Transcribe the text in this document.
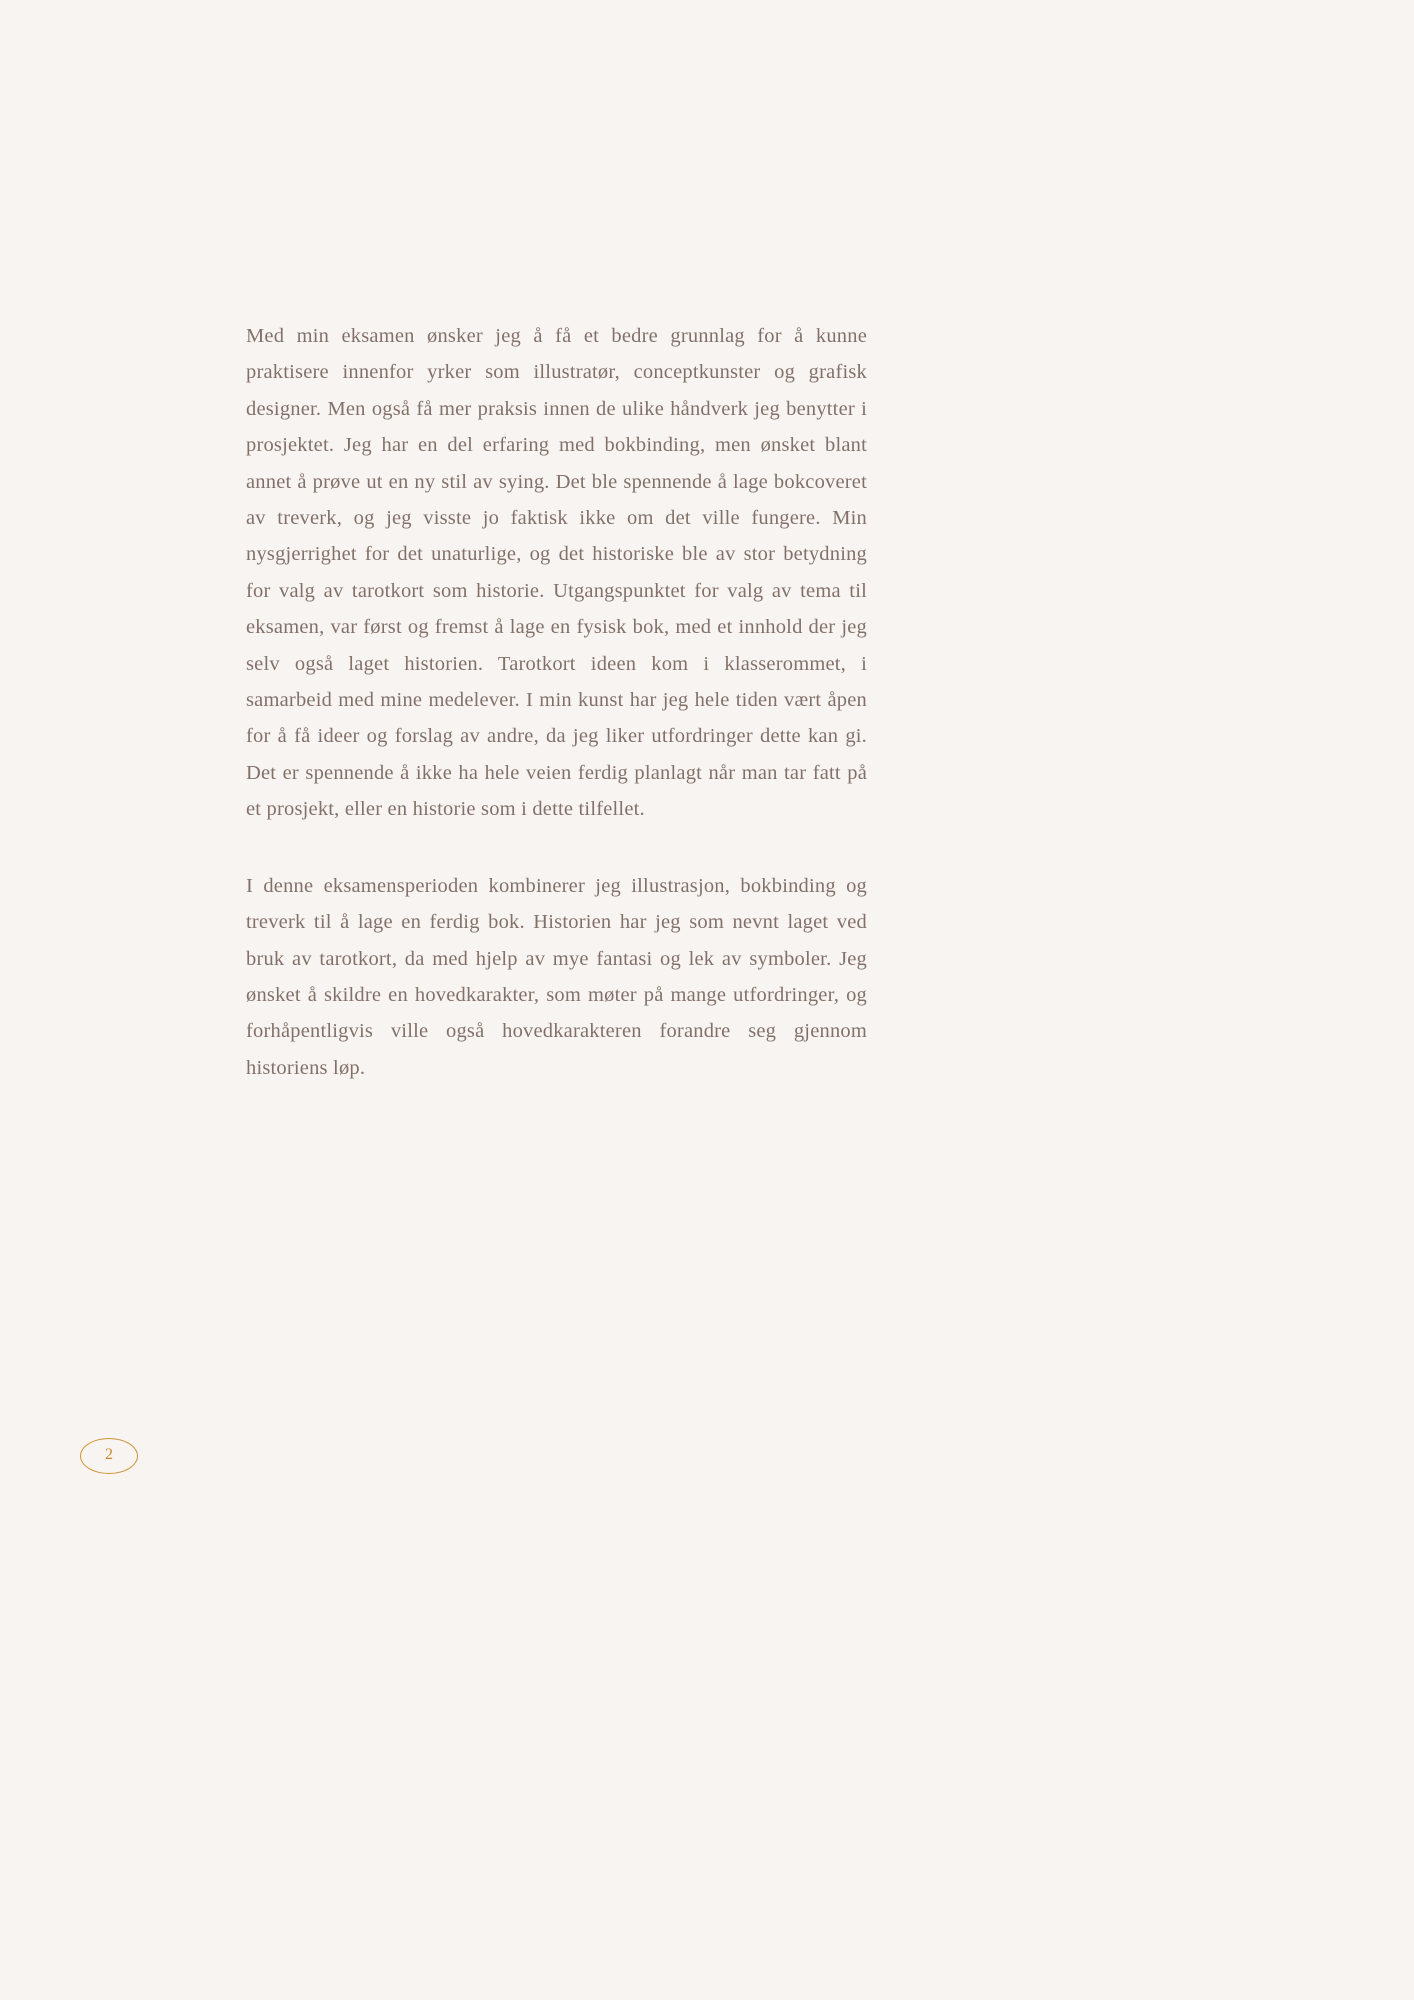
Med min eksamen ønsker jeg å få et bedre grunnlag for å kunne praktisere innenfor yrker som illustratør, conceptkunster og grafisk designer. Men også få mer praksis innen de ulike håndverk jeg benytter i prosjektet. Jeg har en del erfaring med bokbinding, men ønsket blant annet å prøve ut en ny stil av sying. Det ble spennende å lage bokcoveret av treverk, og jeg visste jo faktisk ikke om det ville fungere. Min nysgjerrighet for det unaturlige, og det historiske ble av stor betydning for valg av tarotkort som historie. Utgangspunktet for valg av tema til eksamen, var først og fremst å lage en fysisk bok, med et innhold der jeg selv også laget historien. Tarotkort ideen kom i klasserommet, i samarbeid med mine medelever. I min kunst har jeg hele tiden vært åpen for å få ideer og forslag av andre, da jeg liker utfordringer dette kan gi. Det er spennende å ikke ha hele veien ferdig planlagt når man tar fatt på et prosjekt, eller en historie som i dette tilfellet.

I denne eksamensperioden kombinerer jeg illustrasjon, bokbinding og treverk til å lage en ferdig bok. Historien har jeg som nevnt laget ved bruk av tarotkort, da med hjelp av mye fantasi og lek av symboler. Jeg ønsket å skildre en hovedkarakter, som møter på mange utfordringer, og forhåpentligvis ville også hovedkarakteren forandre seg gjennom historiens løp.

2
